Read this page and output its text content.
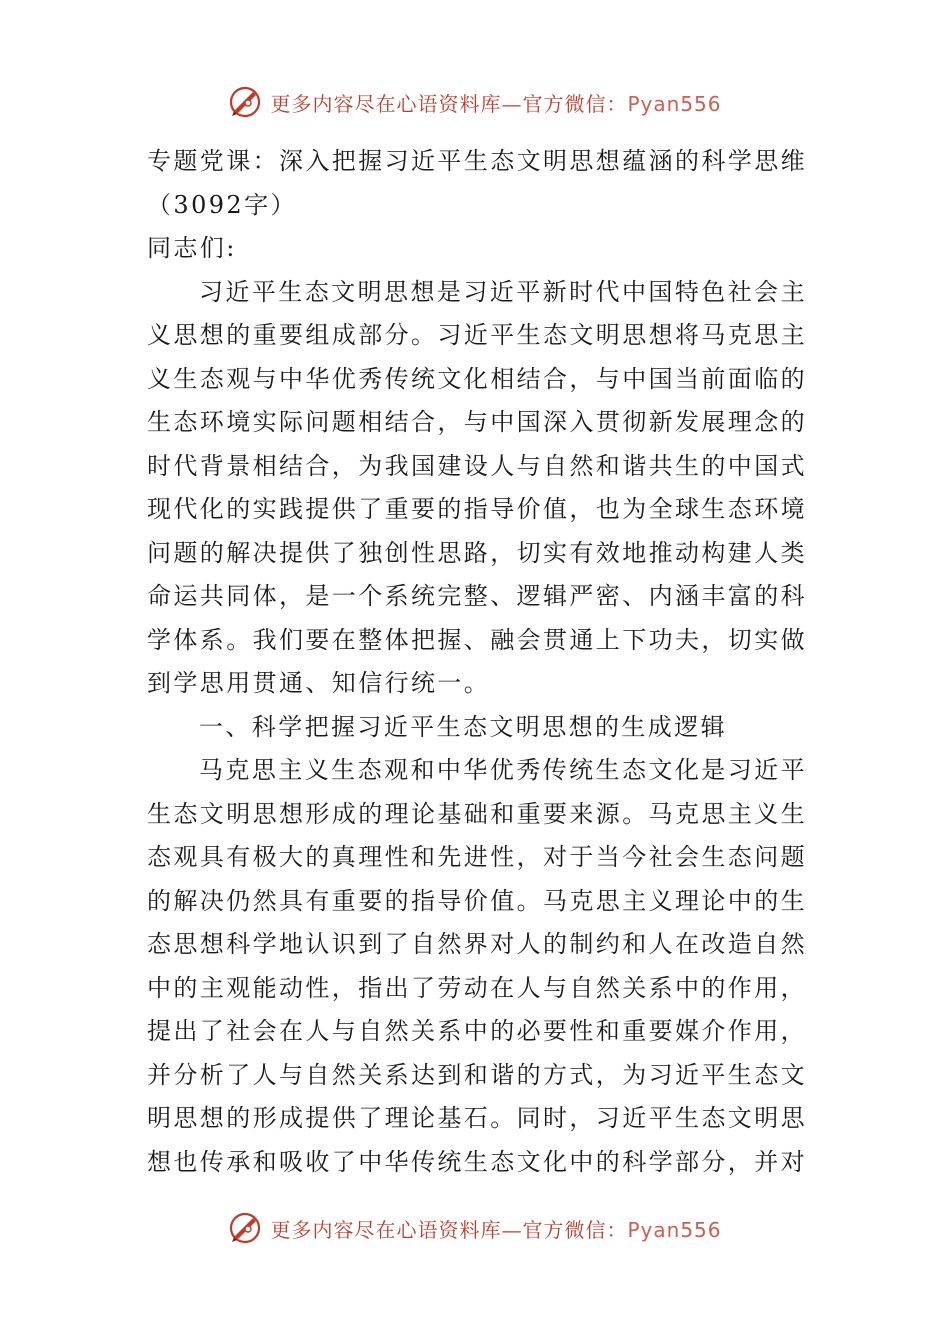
更多内容尽在心语资料库—官方微信：Pyan556

专题党课：深入把握习近平生态文明思想蕴涵的科学思维

（3092字）

同志们:

习近平生态文明思想是习近平新时代中国特色社会主义思想的重要组成部分。习近平生态文明思想将马克思主义生态观与中华优秀传统文化相结合，与中国当前面临的生态环境实际问题相结合，与中国深入贯彻新发展理念的时代背景相结合，为我国建设人与自然和谐共生的中国式现代化的实践提供了重要的指导价值，也为全球生态环境问题的解决提供了独创性思路，切实有效地推动构建人类命运共同体，是一个系统完整、逻辑严密、内涵丰富的科学体系。我们要在整体把握、融会贯通上下功夫，切实做到学思用贯通、知信行统一。

一、科学把握习近平生态文明思想的生成逻辑

马克思主义生态观和中华优秀传统生态文化是习近平生态文明思想形成的理论基础和重要来源。马克思主义生态观具有极大的真理性和先进性，对于当今社会生态问题的解决仍然具有重要的指导价值。马克思主义理论中的生态思想科学地认识到了自然界对人的制约和人在改造自然中的主观能动性，指出了劳动在人与自然关系中的作用，提出了社会在人与自然关系中的必要性和重要媒介作用，并分析了人与自然关系达到和谐的方式，为习近平生态文明思想的形成提供了理论基石。同时，习近平生态文明思想也传承和吸收了中华传统生态文化中的科学部分，并对

更多内容尽在心语资料库—官方微信：Pyan556
